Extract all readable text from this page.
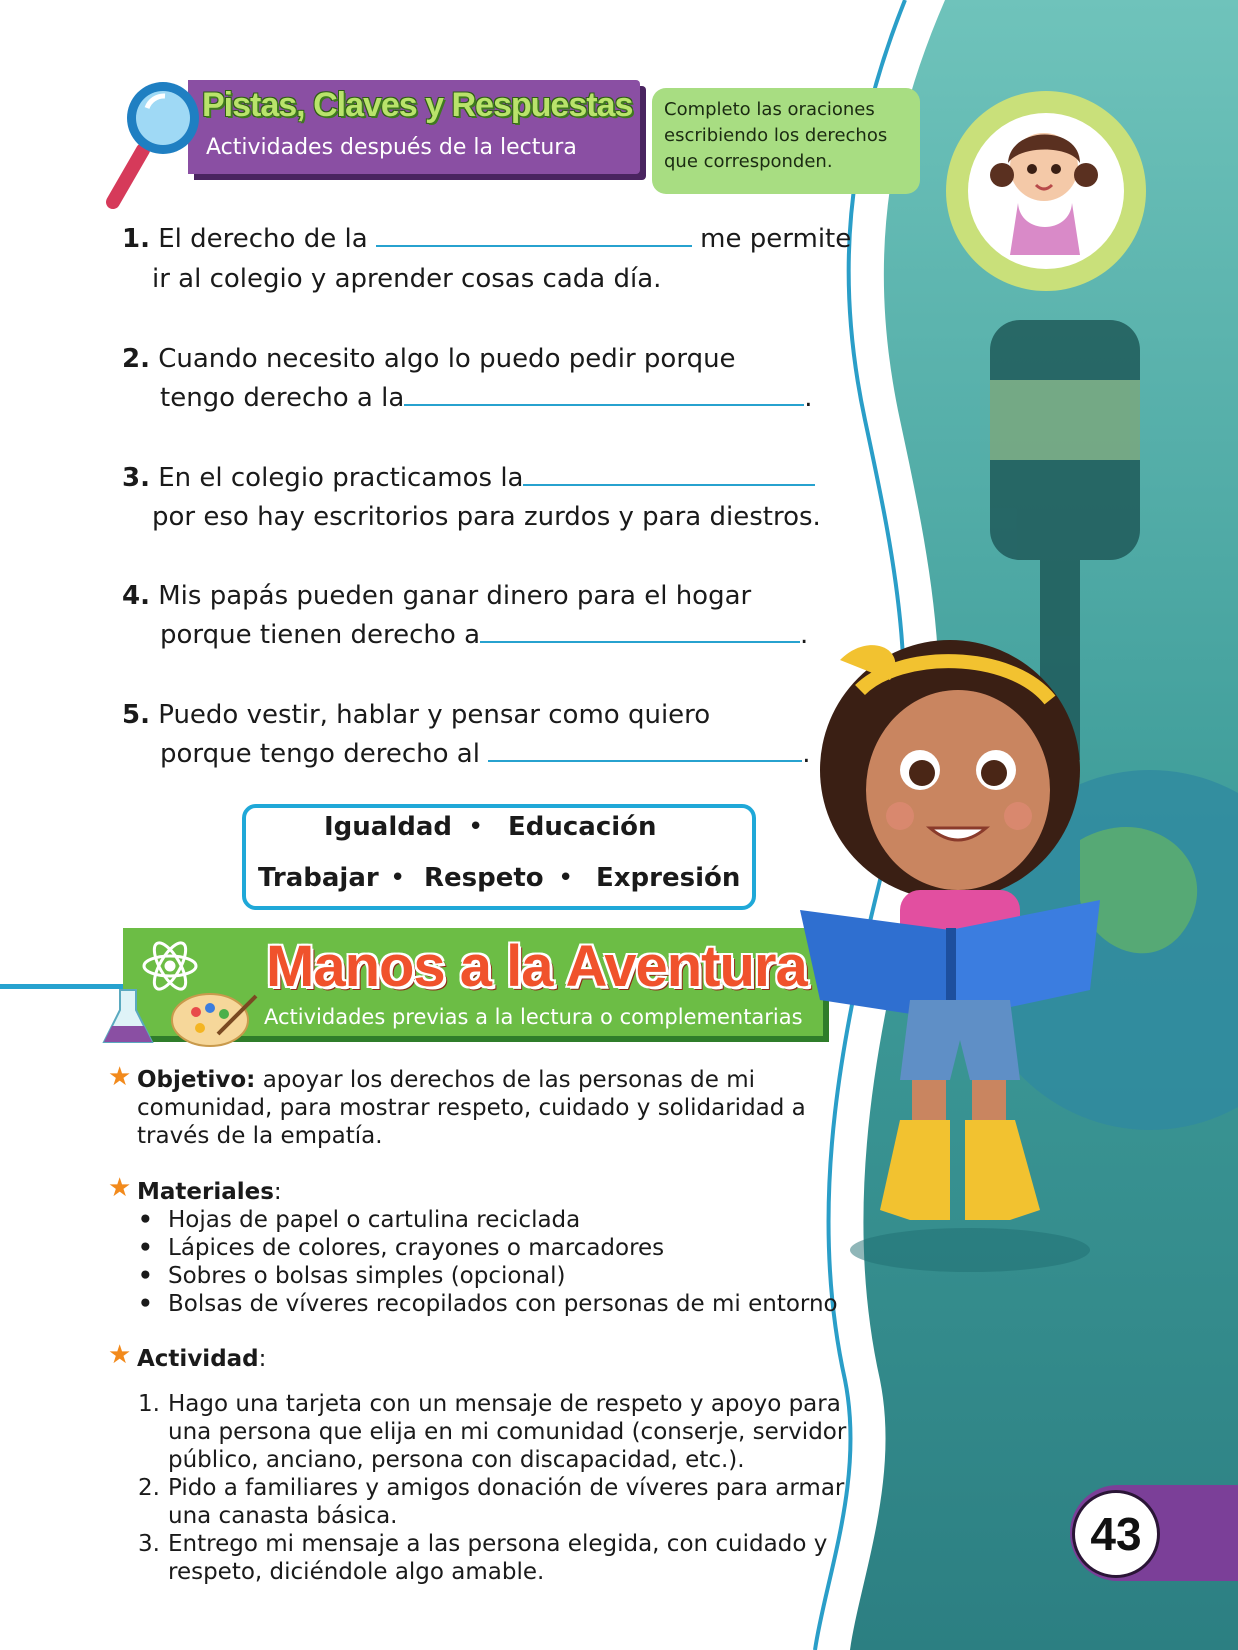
Pistas, Claves y Respuestas
Actividades después de la lectura
Completo las oraciones escribiendo los derechos que corresponden.
1. El derecho de la	me permite
ir al colegio y aprender cosas cada día.
2. Cuando necesito algo lo puedo pedir porque
tengo derecho a la	.
3. En el colegio practicamos la
por eso hay escritorios para zurdos y para diestros.
4. Mis papás pueden ganar dinero para el hogar
porque tienen derecho a	.
5. Puedo vestir, hablar y pensar como quiero
porque tengo derecho al	.
Igualdad • Educación
Trabajar • Respeto • Expresión
Manos a la Aventura
Actividades previas a la lectura o complementarias
★ Objetivo: apoyar los derechos de las personas de mi comunidad, para mostrar respeto, cuidado y solidaridad a través de la empatía.
★ Materiales:
• Hojas de papel o cartulina reciclada
• Lápices de colores, crayones o marcadores
• Sobres o bolsas simples (opcional)
• Bolsas de víveres recopilados con personas de mi entorno
★ Actividad:
1. Hago una tarjeta con un mensaje de respeto y apoyo para una persona que elija en mi comunidad (conserje, servidor público, anciano, persona con discapacidad, etc.).
2. Pido a familiares y amigos donación de víveres para armar una canasta básica.
3. Entrego mi mensaje a las persona elegida, con cuidado y respeto, diciéndole algo amable.
43
